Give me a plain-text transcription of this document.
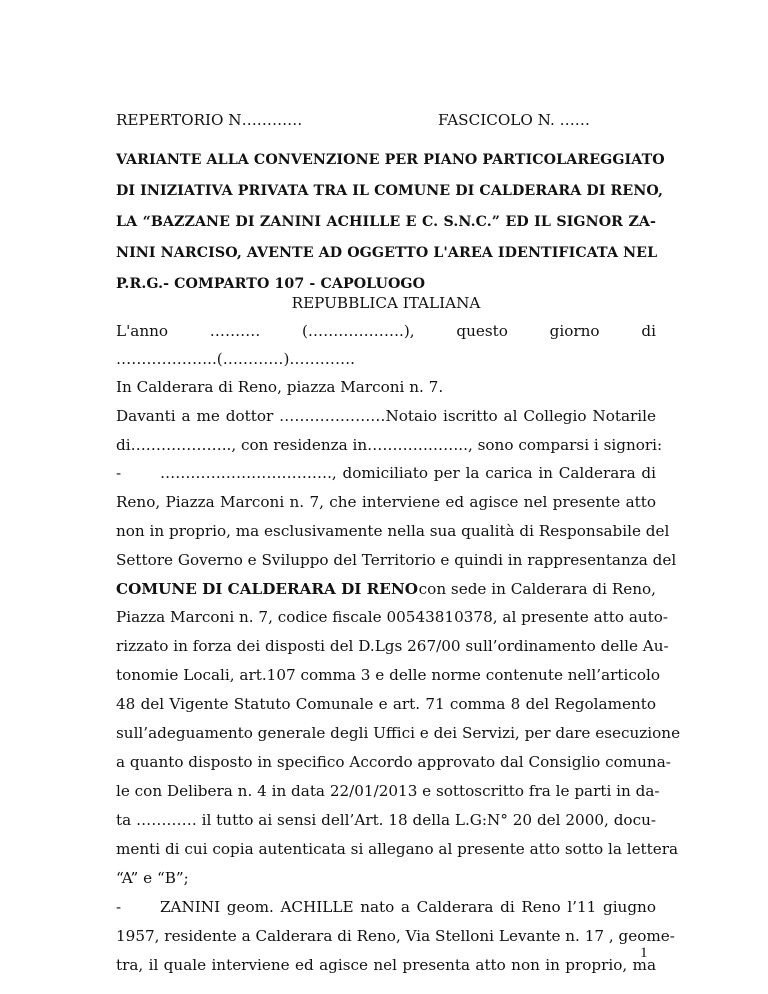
REPERTORIO N…………	FASCICOLO N. ……
VARIANTE ALLA CONVENZIONE PER PIANO PARTICOLAREGGIATO
DI INIZIATIVA PRIVATA TRA IL COMUNE DI CALDERARA DI RENO,
LA “BAZZANE DI ZANINI ACHILLE E C. S.N.C.” ED IL SIGNOR ZA-
NINI NARCISO, AVENTE AD OGGETTO L'AREA IDENTIFICATA NEL
P.R.G.- COMPARTO 107 - CAPOLUOGO
REPUBBLICA ITALIANA
L'anno	……….	(……………….),	questo	giorno	di
………………..(…………)………….
In Calderara di Reno, piazza Marconi n. 7.
Davanti a me dottor …………………Notaio iscritto al Collegio Notarile
di……………….., con residenza in……………….., sono comparsi i signori:
-	……………………………., domiciliato per la carica in Calderara di
Reno, Piazza Marconi n. 7, che interviene ed agisce nel presente atto
non in proprio, ma esclusivamente nella sua qualità di Responsabile del
Settore Governo e Sviluppo del Territorio e quindi in rappresentanza del
COMUNE DI CALDERARA DI RENO con sede in Calderara di Reno,
Piazza Marconi n. 7, codice fiscale 00543810378, al presente atto auto-
rizzato in forza dei disposti del D.Lgs 267/00 sull’ordinamento delle Au-
tonomie Locali, art.107 comma 3 e delle norme contenute nell’articolo
48 del Vigente Statuto Comunale e art. 71 comma 8 del Regolamento
sull’adeguamento generale degli Uffici e dei Servizi, per dare esecuzione
a quanto disposto in specifico Accordo approvato dal Consiglio comuna-
le con Delibera n. 4 in data 22/01/2013 e sottoscritto fra le parti in da-
ta ………… il tutto ai sensi dell’Art. 18 della L.G:N° 20 del 2000, docu-
menti di cui copia autenticata si allegano al presente atto sotto la lettera
“A” e “B”;
-	ZANINI geom. ACHILLE nato a Calderara di Reno l’11 giugno
1957, residente a Calderara di Reno, Via Stelloni Levante n. 17 , geome-
tra, il quale interviene ed agisce nel presenta atto non in proprio, ma
1
